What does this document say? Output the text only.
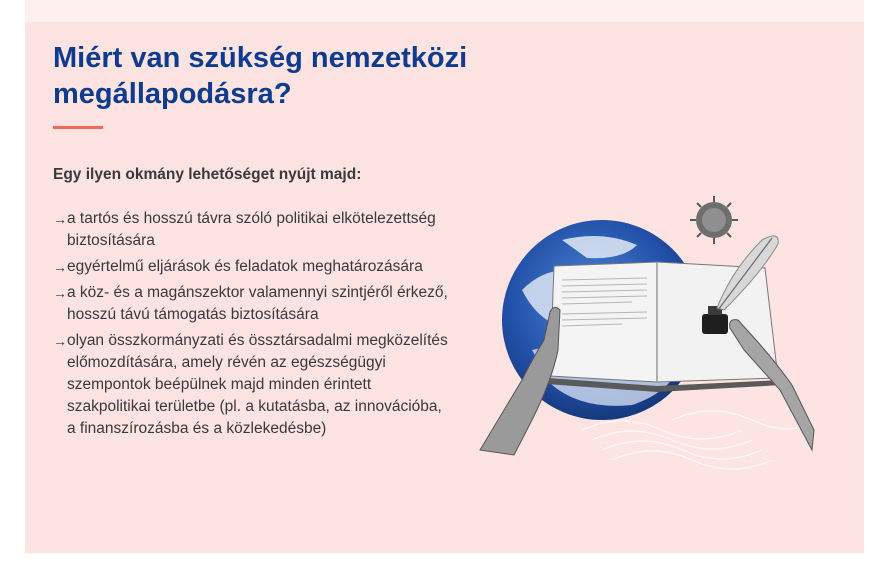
Miért van szükség nemzetközi megállapodásra?

Egy ilyen okmány lehetőséget nyújt majd:

→ a tartós és hosszú távra szóló politikai elkötelezettség biztosítására
→ egyértelmű eljárások és feladatok meghatározására
→ a köz- és a magánszektor valamennyi szintjéről érkező, hosszú távú támogatás biztosítására
→ olyan összkormányzati és össztársadalmi megközelítés előmozdítására, amely révén az egészségügyi szempontok beépülnek majd minden érintett szakpolitikai területbe (pl. a kutatásba, az innovációba, a finanszírozásba és a közlekedésbe)
